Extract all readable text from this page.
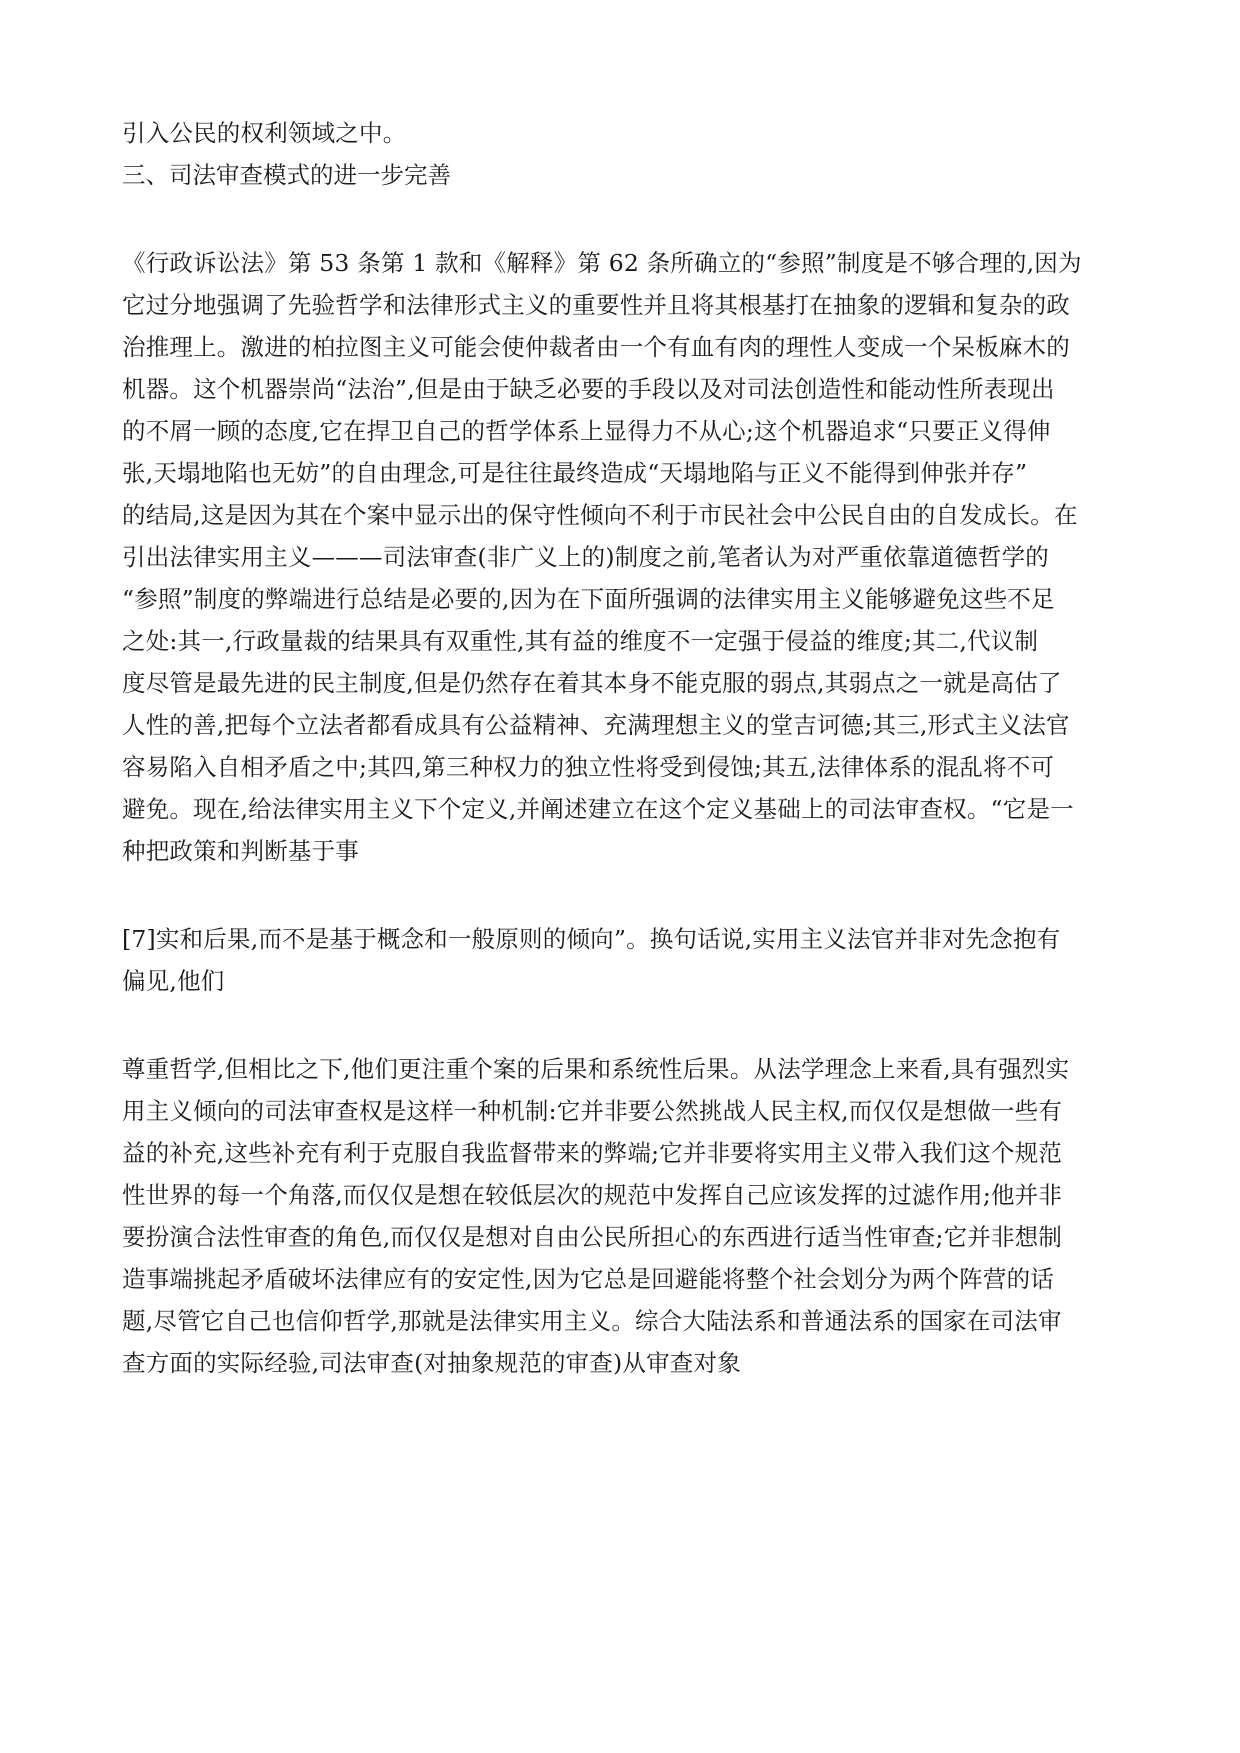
引入公民的权利领域之中。

三、司法审查模式的进一步完善

《行政诉讼法》第 53 条第 1 款和《解释》第 62 条所确立的“参照”制度是不够合理的,因为
它过分地强调了先验哲学和法律形式主义的重要性并且将其根基打在抽象的逻辑和复杂的政
治推理上。激进的柏拉图主义可能会使仲裁者由一个有血有肉的理性人变成一个呆板麻木的
机器。这个机器崇尚“法治”,但是由于缺乏必要的手段以及对司法创造性和能动性所表现出
的不屑一顾的态度,它在捍卫自己的哲学体系上显得力不从心;这个机器追求“只要正义得伸
张,天塌地陷也无妨”的自由理念,可是往往最终造成“天塌地陷与正义不能得到伸张并存”
的结局,这是因为其在个案中显示出的保守性倾向不利于市民社会中公民自由的自发成长。在
引出法律实用主义———司法审查(非广义上的)制度之前,笔者认为对严重依靠道德哲学的
“参照”制度的弊端进行总结是必要的,因为在下面所强调的法律实用主义能够避免这些不足
之处:其一,行政量裁的结果具有双重性,其有益的维度不一定强于侵益的维度;其二,代议制
度尽管是最先进的民主制度,但是仍然存在着其本身不能克服的弱点,其弱点之一就是高估了
人性的善,把每个立法者都看成具有公益精神、充满理想主义的堂吉诃德;其三,形式主义法官
容易陷入自相矛盾之中;其四,第三种权力的独立性将受到侵蚀;其五,法律体系的混乱将不可
避免。现在,给法律实用主义下个定义,并阐述建立在这个定义基础上的司法审查权。“它是一
种把政策和判断基于事

[7]实和后果,而不是基于概念和一般原则的倾向”。换句话说,实用主义法官并非对先念抱有
偏见,他们

尊重哲学,但相比之下,他们更注重个案的后果和系统性后果。从法学理念上来看,具有强烈实
用主义倾向的司法审查权是这样一种机制:它并非要公然挑战人民主权,而仅仅是想做一些有
益的补充,这些补充有利于克服自我监督带来的弊端;它并非要将实用主义带入我们这个规范
性世界的每一个角落,而仅仅是想在较低层次的规范中发挥自己应该发挥的过滤作用;他并非
要扮演合法性审查的角色,而仅仅是想对自由公民所担心的东西进行适当性审查;它并非想制
造事端挑起矛盾破坏法律应有的安定性,因为它总是回避能将整个社会划分为两个阵营的话
题,尽管它自己也信仰哲学,那就是法律实用主义。综合大陆法系和普通法系的国家在司法审
查方面的实际经验,司法审查(对抽象规范的审查)从审查对象
